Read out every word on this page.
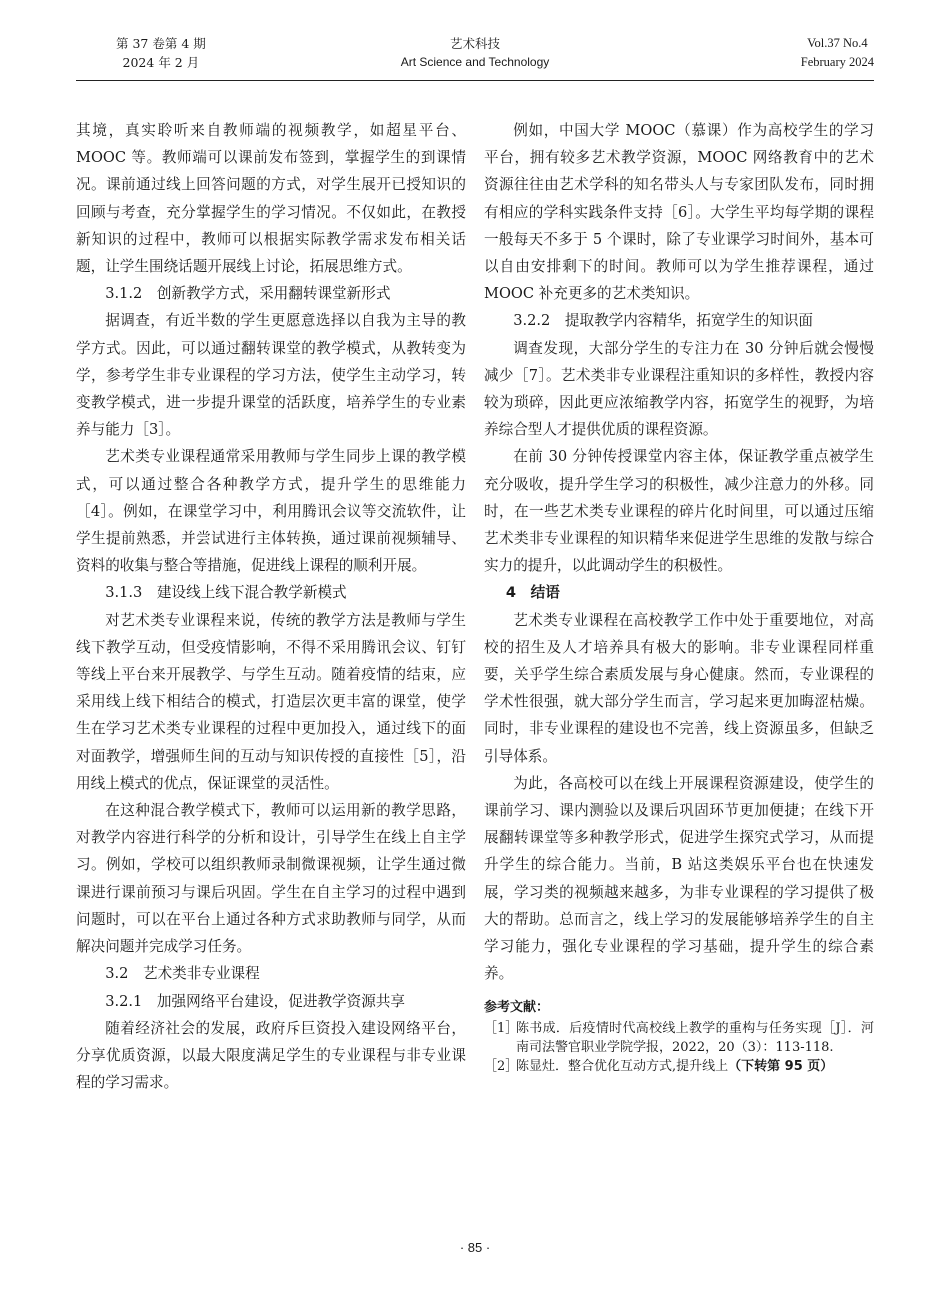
第 37 卷第 4 期
2024 年 2 月
艺术科技
Art Science and Technology
Vol.37 No.4
February 2024

其境，真实聆听来自教师端的视频教学，如超星平台、MOOC 等。教师端可以课前发布签到，掌握学生的到课情况。课前通过线上回答问题的方式，对学生展开已授知识的回顾与考查，充分掌握学生的学习情况。不仅如此，在教授新知识的过程中，教师可以根据实际教学需求发布相关话题，让学生围绕话题开展线上讨论，拓展思维方式。

3.1.2　创新教学方式，采用翻转课堂新形式

据调查，有近半数的学生更愿意选择以自我为主导的教学方式。因此，可以通过翻转课堂的教学模式，从教转变为学，参考学生非专业课程的学习方法，使学生主动学习，转变教学模式，进一步提升课堂的活跃度，培养学生的专业素养与能力［3］。

艺术类专业课程通常采用教师与学生同步上课的教学模式，可以通过整合各种教学方式，提升学生的思维能力［4］。例如，在课堂学习中，利用腾讯会议等交流软件，让学生提前熟悉，并尝试进行主体转换，通过课前视频辅导、资料的收集与整合等措施，促进线上课程的顺利开展。

3.1.3　建设线上线下混合教学新模式

对艺术类专业课程来说，传统的教学方法是教师与学生线下教学互动，但受疫情影响，不得不采用腾讯会议、钉钉等线上平台来开展教学、与学生互动。随着疫情的结束，应采用线上线下相结合的模式，打造层次更丰富的课堂，使学生在学习艺术类专业课程的过程中更加投入，通过线下的面对面教学，增强师生间的互动与知识传授的直接性［5］，沿用线上模式的优点，保证课堂的灵活性。

在这种混合教学模式下，教师可以运用新的教学思路，对教学内容进行科学的分析和设计，引导学生在线上自主学习。例如，学校可以组织教师录制微课视频，让学生通过微课进行课前预习与课后巩固。学生在自主学习的过程中遇到问题时，可以在平台上通过各种方式求助教师与同学，从而解决问题并完成学习任务。

3.2　艺术类非专业课程
3.2.1　加强网络平台建设，促进教学资源共享

随着经济社会的发展，政府斥巨资投入建设网络平台，分享优质资源，以最大限度满足学生的专业课程与非专业课程的学习需求。

例如，中国大学 MOOC（慕课）作为高校学生的学习平台，拥有较多艺术教学资源，MOOC 网络教育中的艺术资源往往由艺术学科的知名带头人与专家团队发布，同时拥有相应的学科实践条件支持［6］。大学生平均每学期的课程一般每天不多于 5 个课时，除了专业课学习时间外，基本可以自由安排剩下的时间。教师可以为学生推荐课程，通过 MOOC 补充更多的艺术类知识。

3.2.2　提取教学内容精华，拓宽学生的知识面

调查发现，大部分学生的专注力在 30 分钟后就会慢慢减少［7］。艺术类非专业课程注重知识的多样性，教授内容较为琐碎，因此更应浓缩教学内容，拓宽学生的视野，为培养综合型人才提供优质的课程资源。

在前 30 分钟传授课堂内容主体，保证教学重点被学生充分吸收，提升学生学习的积极性，减少注意力的外移。同时，在一些艺术类专业课程的碎片化时间里，可以通过压缩艺术类非专业课程的知识精华来促进学生思维的发散与综合实力的提升，以此调动学生的积极性。

4　结语

艺术类专业课程在高校教学工作中处于重要地位，对高校的招生及人才培养具有极大的影响。非专业课程同样重要，关乎学生综合素质发展与身心健康。然而，专业课程的学术性很强，就大部分学生而言，学习起来更加晦涩枯燥。同时，非专业课程的建设也不完善，线上资源虽多，但缺乏引导体系。

为此，各高校可以在线上开展课程资源建设，使学生的课前学习、课内测验以及课后巩固环节更加便捷；在线下开展翻转课堂等多种教学形式，促进学生探究式学习，从而提升学生的综合能力。当前，B 站这类娱乐平台也在快速发展，学习类的视频越来越多，为非专业课程的学习提供了极大的帮助。总而言之，线上学习的发展能够培养学生的自主学习能力，强化专业课程的学习基础，提升学生的综合素养。

参考文献：
［1］
陈书成．后疫情时代高校线上教学的重构与任务实现［J］．河南司法警官职业学院学报，2022，20（3）：113-118.
［2］
陈显灶．整合优化互动方式,提升线上（下转第 95 页）
· 85 ·
